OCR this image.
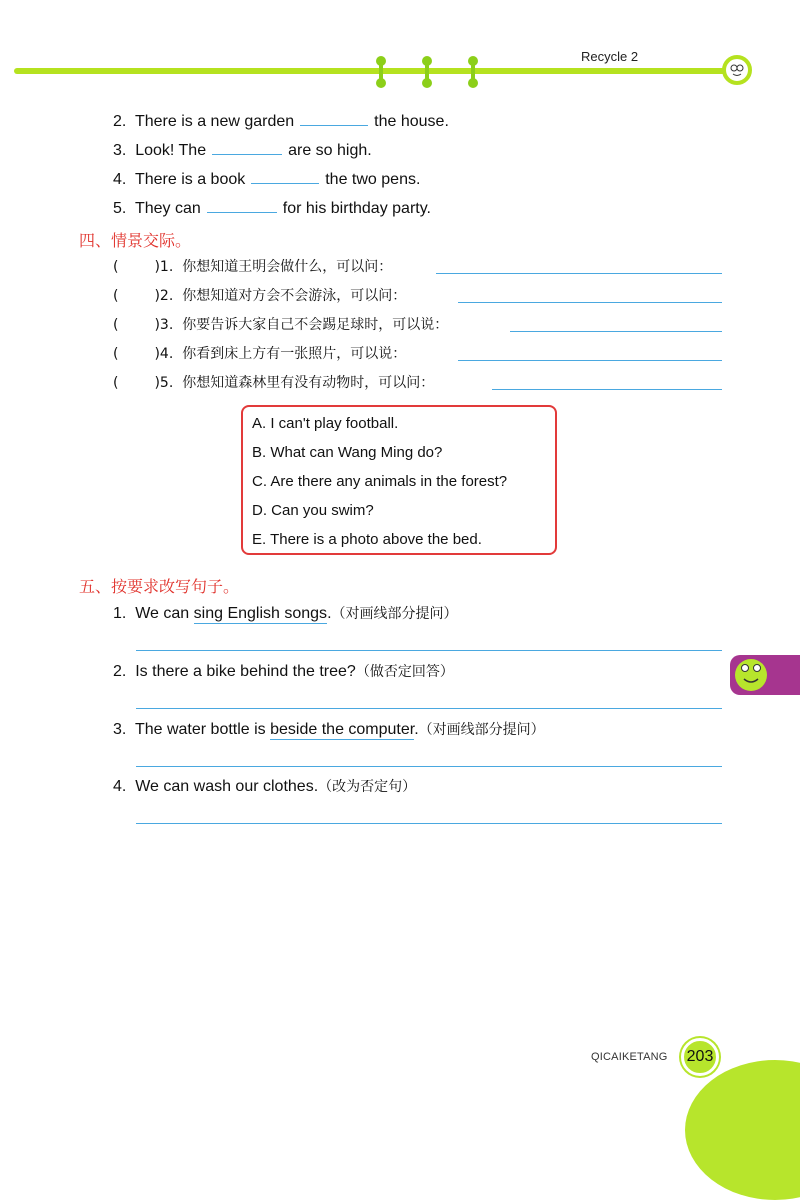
Recycle 2
2. There is a new garden	the house.
3. Look! The	are so high.
4. There is a book	the two pens.
5. They can	for his birthday party.
四、情景交际。
(	)1. 你想知道王明会做什么，可以问：
(	)2. 你想知道对方会不会游泳，可以问：
(	)3. 你要告诉大家自己不会踢足球时，可以说：
(	)4. 你看到床上方有一张照片，可以说：
(	)5. 你想知道森林里有没有动物时，可以问：
A. I can't play football.
B. What can Wang Ming do?
C. Are there any animals in the forest?
D. Can you swim?
E. There is a photo above the bed.
五、按要求改写句子。
1. We can sing English songs.（对画线部分提问）
2. Is there a bike behind the tree?（做否定回答）
3. The water bottle is beside the computer.（对画线部分提问）
4. We can wash our clothes.（改为否定句）
QICAIKETANG	203
